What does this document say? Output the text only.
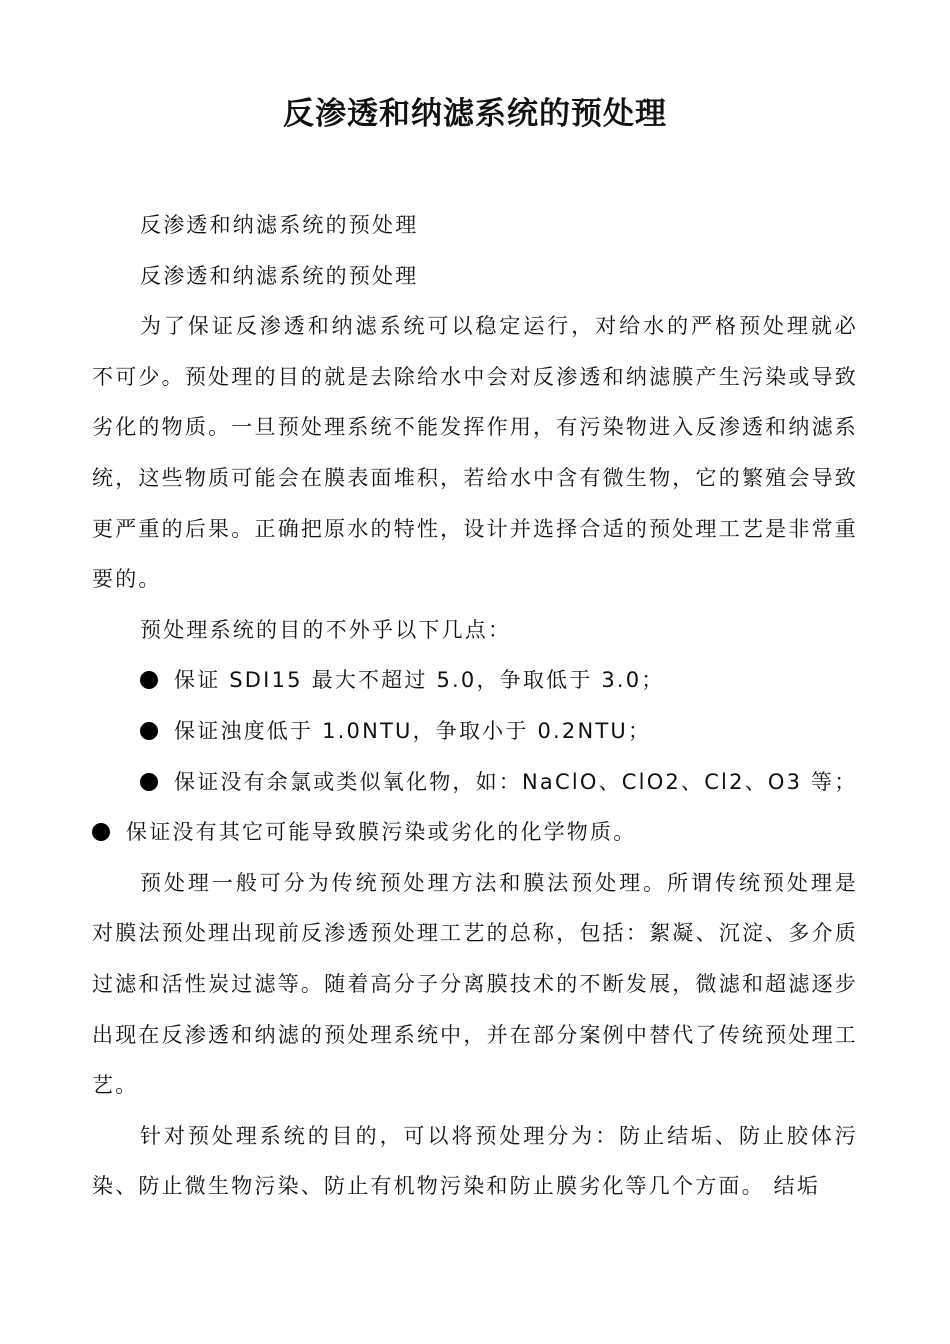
反渗透和纳滤系统的预处理

反渗透和纳滤系统的预处理

反渗透和纳滤系统的预处理

为了保证反渗透和纳滤系统可以稳定运行，对给水的严格预处理就必不可少。预处理的目的就是去除给水中会对反渗透和纳滤膜产生污染或导致劣化的物质。一旦预处理系统不能发挥作用，有污染物进入反渗透和纳滤系统，这些物质可能会在膜表面堆积，若给水中含有微生物，它的繁殖会导致更严重的后果。正确把原水的特性，设计并选择合适的预处理工艺是非常重要的。

预处理系统的目的不外乎以下几点：

保证 SDI15 最大不超过 5.0，争取低于 3.0；

保证浊度低于 1.0NTU，争取小于 0.2NTU；

保证没有余氯或类似氧化物，如：NaClO、ClO2、Cl2、O3 等；

保证没有其它可能导致膜污染或劣化的化学物质。

预处理一般可分为传统预处理方法和膜法预处理。所谓传统预处理是对膜法预处理出现前反渗透预处理工艺的总称，包括：絮凝、沉淀、多介质过滤和活性炭过滤等。随着高分子分离膜技术的不断发展，微滤和超滤逐步出现在反渗透和纳滤的预处理系统中，并在部分案例中替代了传统预处理工艺。

针对预处理系统的目的，可以将预处理分为：防止结垢、防止胶体污染、防止微生物污染、防止有机物污染和防止膜劣化等几个方面。 结垢
